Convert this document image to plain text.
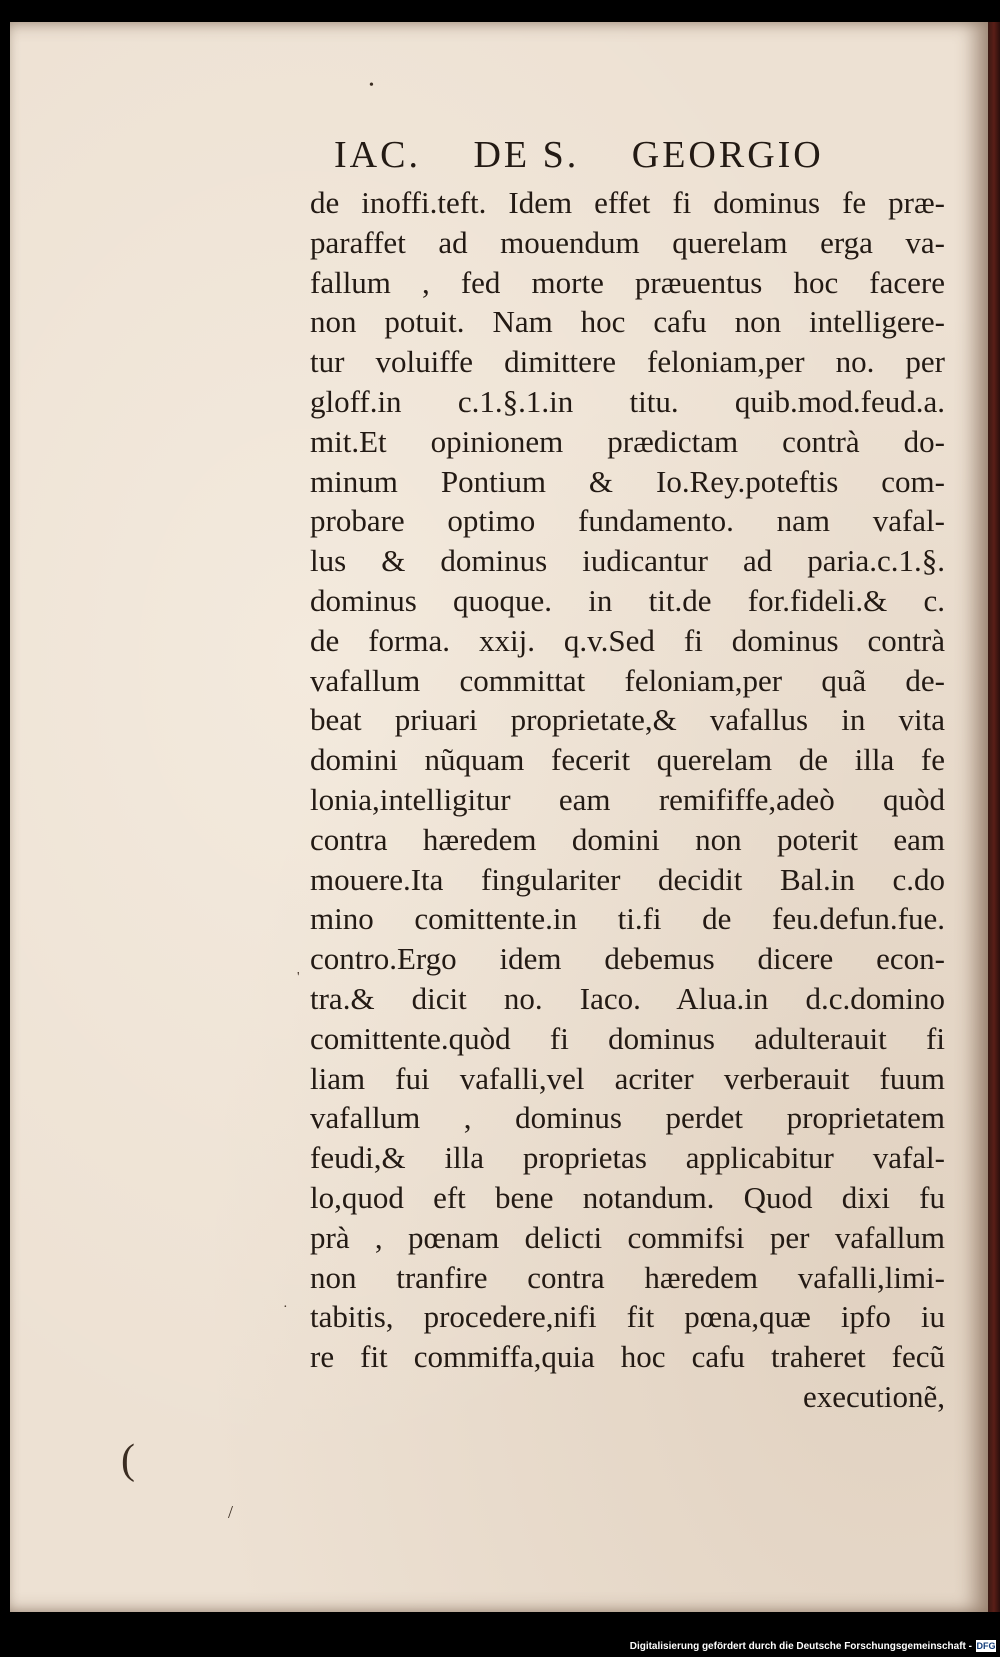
•
'
·
/
(
IAC. DE S. GEORGIO
de inoffi.teft. Idem effet fi dominus fe præ-
paraffet ad mouendum querelam erga va-
fallum , fed morte præuentus hoc facere
non potuit. Nam hoc cafu non intelligere-
tur voluiffe dimittere feloniam,per no. per
gloff.in c.1.§.1.in titu. quib.mod.feud.a.
mit.Et opinionem prædictam contrà do-
minum Pontium & Io.Rey.poteftis com-
probare optimo fundamento. nam vafal-
lus & dominus iudicantur ad paria.c.1.§.
dominus quoque. in tit.de for.fideli.& c.
de forma. xxij. q.v.Sed fi dominus contrà
vafallum committat feloniam,per quã de-
beat priuari proprietate,& vafallus in vita
domini nũquam fecerit querelam de illa fe
lonia,intelligitur eam remififfe,adeò quòd
contra hæredem domini non poterit eam
mouere.Ita fingulariter decidit Bal.in c.do
mino comittente.in ti.fi de feu.defun.fue.
contro.Ergo idem debemus dicere econ-
tra.& dicit no. Iaco. Alua.in d.c.domino
comittente.quòd fi dominus adulterauit fi
liam fui vafalli,vel acriter verberauit fuum
vafallum , dominus perdet proprietatem
feudi,& illa proprietas applicabitur vafal-
lo,quod eft bene notandum. Quod dixi fu
prà , pœnam delicti commifsi per vafallum
non tranfire contra hæredem vafalli,limi-
tabitis, procedere,nifi fit pœna,quæ ipfo iu
re fit commiffa,quia hoc cafu traheret fecũ
executionẽ,
Digitalisierung gefördert durch die Deutsche Forschungsgemeinschaft - DFG
